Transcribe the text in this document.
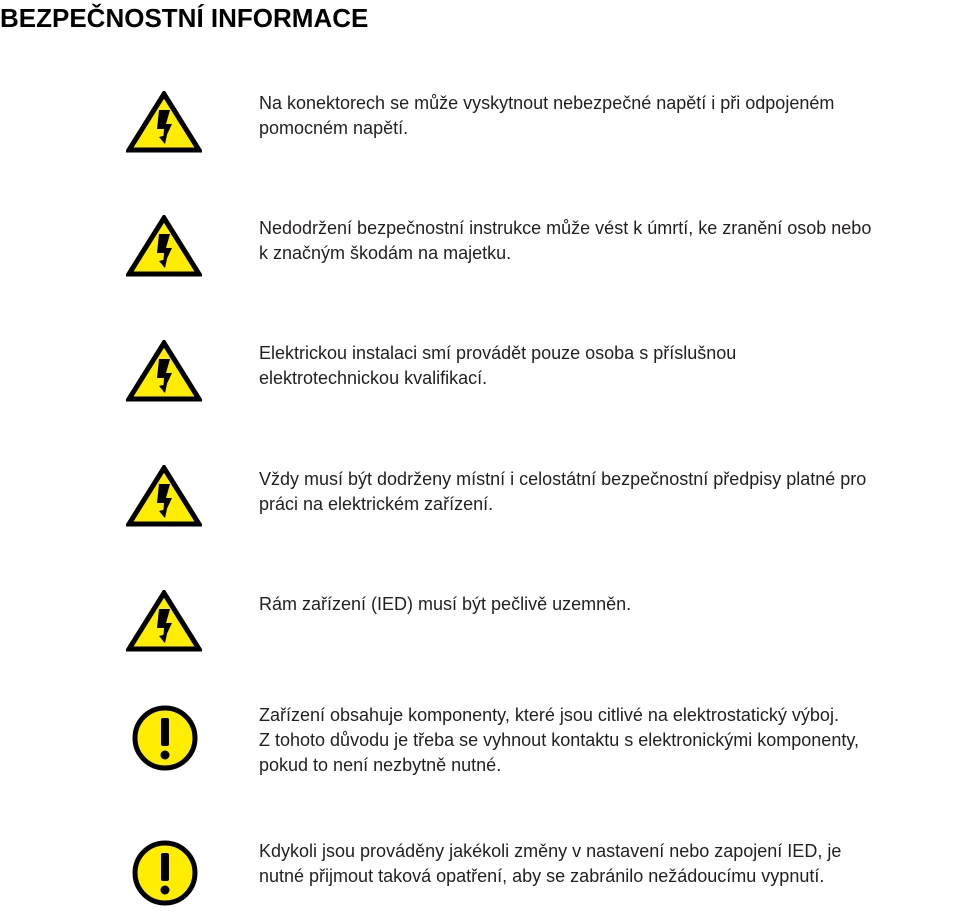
BEZPEČNOSTNÍ INFORMACE

Na konektorech se může vyskytnout nebezpečné napětí i při odpojeném
pomocném napětí.

Nedodržení bezpečnostní instrukce může vést k úmrtí, ke zranění osob nebo
k značným škodám na majetku.

Elektrickou instalaci smí provádět pouze osoba s příslušnou
elektrotechnickou kvalifikací.

Vždy musí být dodrženy místní i celostátní bezpečnostní předpisy platné pro
práci na elektrickém zařízení.

Rám zařízení (IED) musí být pečlivě uzemněn.

Zařízení obsahuje komponenty, které jsou citlivé na elektrostatický výboj.
Z tohoto důvodu je třeba se vyhnout kontaktu s elektronickými komponenty,
pokud to není nezbytně nutné.

Kdykoli jsou prováděny jakékoli změny v nastavení nebo zapojení IED, je
nutné přijmout taková opatření, aby se zabránilo nežádoucímu vypnutí.
